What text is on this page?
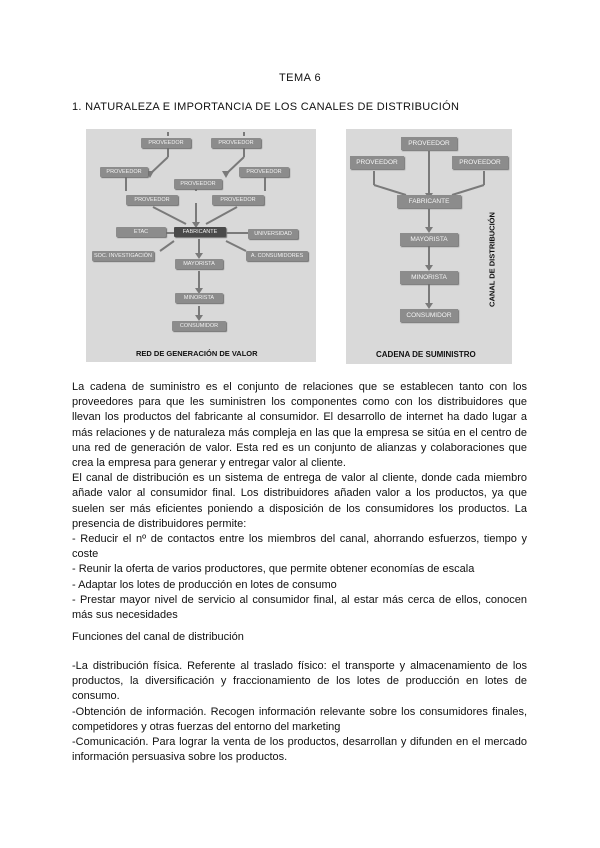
TEMA 6
1. NATURALEZA E IMPORTANCIA DE LOS CANALES DE DISTRIBUCIÓN
PROVEEDOR	PROVEEDOR
PROVEEDOR
PROVEEDOR
PROVEEDOR
PROVEEDOR	PROVEEDOR
FABRICANTE
ETAC	UNIVERSIDAD
SOC. INVESTIGACIÓN
MAYORISTA
A. CONSUMIDORES
MINORISTA
CONSUMIDOR
RED DE GENERACIÓN DE VALOR
PROVEEDOR
PROVEEDOR	PROVEEDOR
FABRICANTE
MAYORISTA
MINORISTA
CONSUMIDOR
CANAL DE DISTRIBUCIÓN
CADENA DE SUMINISTRO

La cadena de suministro es el conjunto de relaciones que se establecen tanto con los proveedores para que les suministren los componentes como con los distribuidores que llevan los productos del fabricante al consumidor. El desarrollo de internet ha dado lugar a más relaciones y de naturaleza más compleja en las que la empresa se sitúa en el centro de una red de generación de valor. Esta red es un conjunto de alianzas y colaboraciones que crea la empresa para generar y entregar valor al cliente.

El canal de distribución es un sistema de entrega de valor al cliente, donde cada miembro añade valor al consumidor final. Los distribuidores añaden valor a los productos, ya que suelen ser más eficientes poniendo a disposición de los consumidores los productos. La presencia de distribuidores permite:

- Reducir el nº de contactos entre los miembros del canal, ahorrando esfuerzos, tiempo y coste

- Reunir la oferta de varios productores, que permite obtener economías de escala

- Adaptar los lotes de producción en lotes de consumo

- Prestar mayor nivel de servicio al consumidor final, al estar más cerca de ellos, conocen más sus necesidades

Funciones del canal de distribución

-La distribución física. Referente al traslado físico: el transporte y almacenamiento de los productos, la diversificación y fraccionamiento de los lotes de producción en lotes de consumo.

-Obtención de información. Recogen información relevante sobre los consumidores finales, competidores y otras fuerzas del entorno del marketing

-Comunicación. Para lograr la venta de los productos, desarrollan y difunden en el mercado información persuasiva sobre los productos.
